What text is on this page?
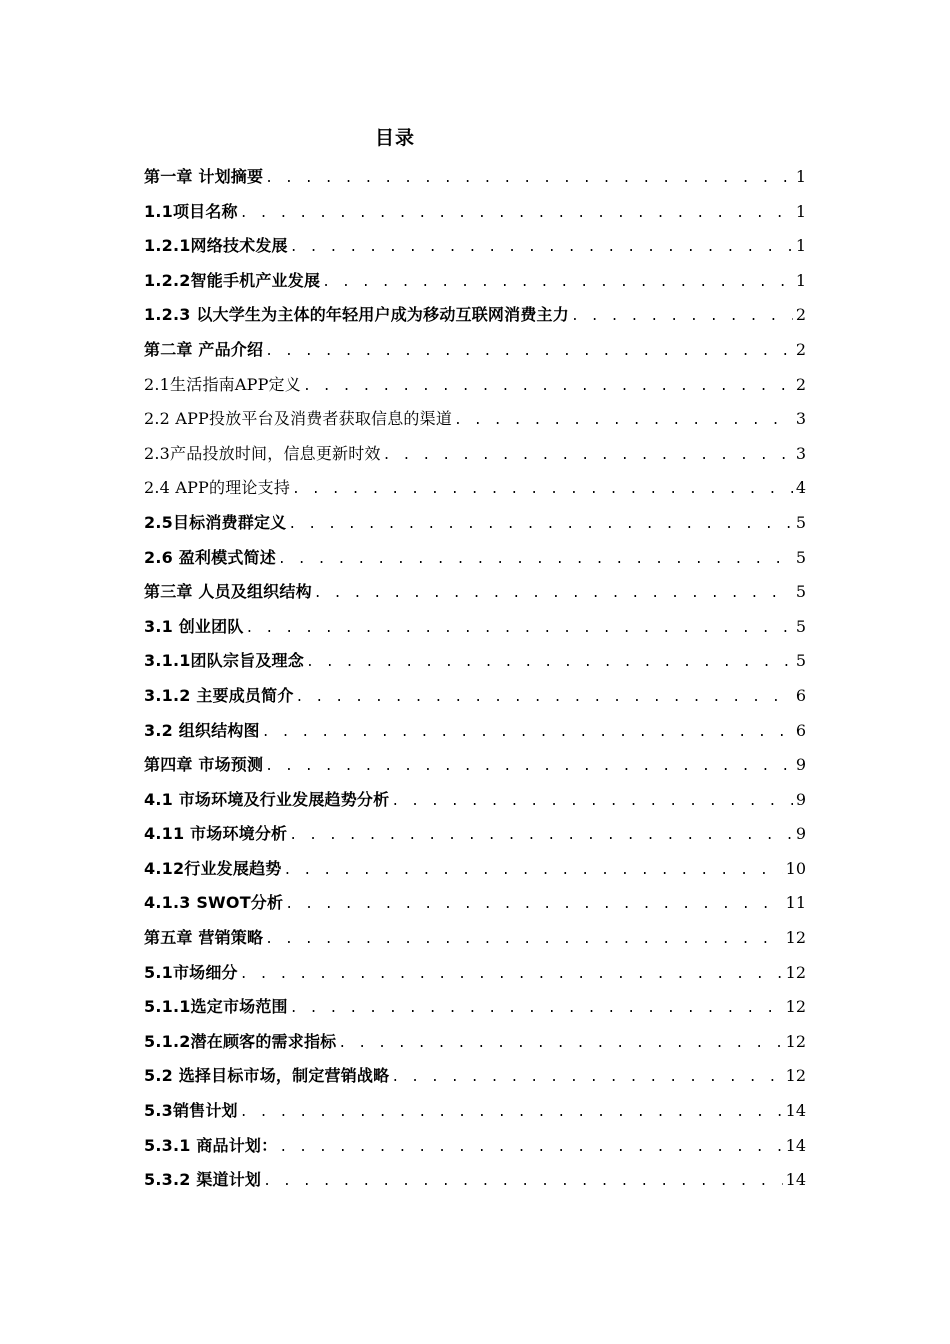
目录
第一章 计划摘要 . . .	1
1.1项目名称 . . .	1
1.2.1网络技术发展 . . .	1
1.2.2智能手机产业发展 . . .	1
1.2.3 以大学生为主体的年轻用户成为移动互联网消费主力 . . .	2
第二章 产品介绍 . . .	2
2.1生活指南APP定义 . . .	2
2.2 APP投放平台及消费者获取信息的渠道 . . .	3
2.3产品投放时间，信息更新时效 . . .	3
2.4 APP的理论支持 . . .	4
2.5目标消费群定义 . . .	5
2.6 盈利模式简述 . . .	5
第三章 人员及组织结构 . . .	5
3.1 创业团队 . . .	5
3.1.1团队宗旨及理念 . . .	5
3.1.2 主要成员简介 . . .	6
3.2 组织结构图 . . .	6
第四章 市场预测 . . .	9
4.1 市场环境及行业发展趋势分析 . . .	9
4.11 市场环境分析 . . .	9
4.12行业发展趋势 . . .	10
4.1.3 SWOT分析 . . .	11
第五章 营销策略 . . .	12
5.1市场细分 . . .	12
5.1.1选定市场范围 . . .	12
5.1.2潜在顾客的需求指标 . . .	12
5.2 选择目标市场，制定营销战略 . . .	12
5.3销售计划 . . .	14
5.3.1 商品计划： . . .	14
5.3.2 渠道计划 . . .	14
